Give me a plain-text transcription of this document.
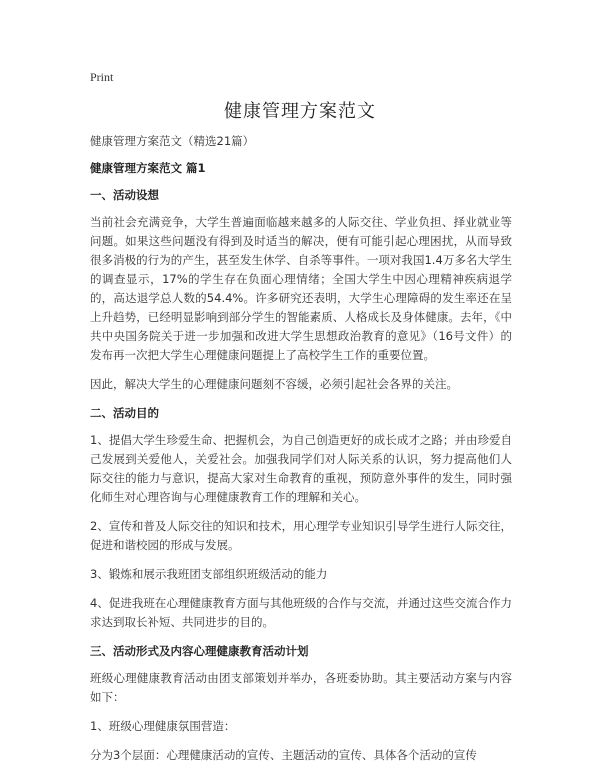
Print
健康管理方案范文

健康管理方案范文（精选21篇）

健康管理方案范文 篇1

一、活动设想

当前社会充满竞争，大学生普遍面临越来越多的人际交往、学业负担、择业就业等问题。如果这些问题没有得到及时适当的解决，便有可能引起心理困扰，从而导致很多消极的行为的产生，甚至发生休学、自杀等事件。一项对我国1.4万多名大学生的调查显示，17%的学生存在负面心理情绪；全国大学生中因心理精神疾病退学的，高达退学总人数的54.4%。许多研究还表明，大学生心理障碍的发生率还在呈上升趋势，已经明显影响到部分学生的智能素质、人格成长及身体健康。去年，《中共中央国务院关于进一步加强和改进大学生思想政治教育的意见》（16号文件）的发布再一次把大学生心理健康问题提上了高校学生工作的重要位置。

因此，解决大学生的心理健康问题刻不容缓，必须引起社会各界的关注。

二、活动目的

1、提倡大学生珍爱生命、把握机会，为自己创造更好的成长成才之路；并由珍爱自己发展到关爱他人，关爱社会。加强我同学们对人际关系的认识，努力提高他们人际交往的能力与意识，提高大家对生命教育的重视，预防意外事件的发生，同时强化师生对心理咨询与心理健康教育工作的理解和关心。

2、宣传和普及人际交往的知识和技术，用心理学专业知识引导学生进行人际交往，促进和谐校园的形成与发展。

3、锻炼和展示我班团支部组织班级活动的能力

4、促进我班在心理健康教育方面与其他班级的合作与交流，并通过这些交流合作力求达到取长补短、共同进步的目的。

三、活动形式及内容心理健康教育活动计划

班级心理健康教育活动由团支部策划并举办，各班委协助。其主要活动方案与内容如下：

1、班级心理健康氛围营造：

分为3个层面：心理健康活动的宣传、主题活动的宣传、具体各个活动的宣传
